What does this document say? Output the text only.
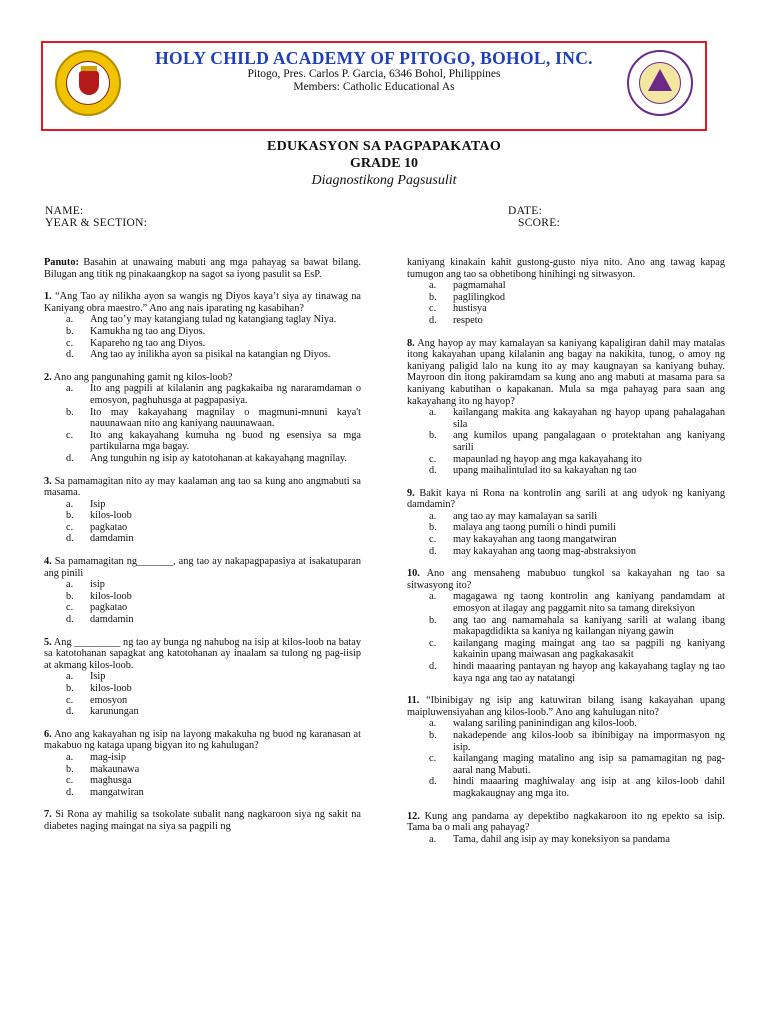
HOLY CHILD ACADEMY OF PITOGO, BOHOL, INC.
Pitogo, Pres. Carlos P. Garcia, 6346 Bohol, Philippines
Members: Catholic Educational As
EDUKASYON SA PAGPAPAKATAO
GRADE 10
Diagnostikong Pagsusulit
NAME:	DATE:
YEAR & SECTION:	SCORE:
Panuto: Basahin at unawaing mabuti ang mga pahayag sa bawat bilang. Bilugan ang titik ng pinakaangkop na sagot sa iyong pasulit sa EsP.
1. “Ang Tao ay nilikha ayon sa wangis ng Diyos kaya’t siya ay tinawag na Kaniyang obra maestro.” Ano ang nais iparating ng kasabihan?
a.	Ang tao’y may katangiang tulad ng katangiang taglay Niya.
b.	Kamukha ng tao ang Diyos.
c.	Kapareho ng tao ang Diyos.
d.	Ang tao ay inilikha ayon sa pisikal na katangian ng Diyos.
2. Ano ang pangunahing gamit ng kilos-loob?
a.	Ito ang pagpili at kilalanin ang pagkakaiba ng nararamdaman o emosyon, paghuhusga at pagpapasiya.
b.	Ito may kakayahang magnilay o magmuni-mnuni kaya't nauunawaan nito ang kaniyang nauunawaan.
c.	Ito ang kakayahang kumuha ng buod ng esensiya sa mga partikularna mga bagay.
d.	Ang tunguhin ng isip ay katotohanan at kakayahạng magnilay.
3. Sa pamamagitan nito ay may kaalaman ang tao sa kung ano angmabuti sa masama.
a.	Isip
b.	kilos-loob
c.	pagkatao
d.	damdamin
4. Sa pamamagitan ng_______, ang tao ay nakapagpapasiya at isakatuparan ang pinili
a.	isip
b.	kilos-loob
c.	pagkatao
d.	damdamin
5. Ang _________ ng tao ay bunga ng nahubog na isip at kilos-loob na batay sa katotohanan sapagkat ang katotohanan ay inaalam sa tulong ng pag-iisip at akmang kilos-loob.
a.	Isip
b.	kilos-loob
c.	emosyon
d.	karunungan
6. Ano ang kakayahan ng isip na layong makakuha ng buod ng karanasan at makabuo ng kataga upang bigyan ito ng kahulugan?
a.	mag-isip
b.	makaunawa
c.	maghusga
d.	mangatwiran
7. Si Rona ay mahilig sa tsokolate subalit nang nagkaroon siya ng sakit na diabetes naging maingat na siya sa pagpili ng
kaniyang kinakain kahit gustong-gusto niya nito. Ano ang tawag kapag tumugon ang tao sa obhetibong hinihingi ng sitwasyon.
a.	pagmamahal
b.	paglilingkod
c.	hustisya
d.	respeto
8. Ang hayop ay may kamalayan sa kaniyang kapaligiran dahil may matalas itong kakayahan upang kilalanin ang bagay na nakikita, tunog, o amoy ng kaniyang paligid lalo na kung ito ay may kaugnayan sa kaniyang buhay. Mayroon din itong pakiramdam sa kung ano ang mabuti at masama para sa kaniyang kabutihan o kapakanan. Mula sa mga pahayag para saan ang kakayahang ito ng hayop?
a.	kailangang makita ang kakayahan ng hayop upang pahalagahan sila
b.	ang kumilos upang pangalagaan o protektahan ang kaniyang sarili
c.	mapaunlad ng hayop ang mga kakayahang ito
d.	upang maihalintulad ito sa kakayahan ng tao
9. Bakit kaya ni Rona na kontrolin ang sarili at ang udyok ng kaniyang damdamin?
a.	ang tao ay may kamalayan sa sarili
b.	malaya ang taong pumili o hindi pumili
c.	may kakayahan ang taong mangatwiran
d.	may kakayahan ang taong mag-abstraksiyon
10. Ano ang mensaheng mabubuo tungkol sa kakayahan ng tao sa sitwasyong ito?
a.	magagawa ng taong kontrolin ang kaniyang pandamdam at emosyon at ilagay ang paggamit nito sa tamang direksiyon
b.	ang tao ang namamahala sa kaniyang sarili at walang ibang makapagdidikta sa kaniya ng kailangan niyang gawin
c.	kailangang maging maingat ang tao sa pagpili ng kaniyang kakainin upang maiwasan ang pagkakasakit
d.	hindi maaaring pantayan ng hayop ang kakayahang taglay ng tao kaya nga ang tao ay natatangi
11. “Ibinibigay ng isip ang katuwiran bilang isang kakayahan upang maipluwensiyahan ang kilos-loob.” Ano ang kahulugan nito?
a.	walang sariling paninindigan ang kilos-loob.
b.	nakadepende ang kilos-loob sa ibinibigay na impormasyon ng isip.
c.	kailangang maging matalino ang isip sa pamamagitan ng pag-aaral nang Mabuti.
d.	hindi maaaring maghiwalay ang isip at ang kilos-loob dahil magkakaugnay ang mga ito.
12. Kung ang pandama ay depektibo nagkakaroon ito ng epekto sa isip. Tama ba o mali ang pahayag?
a.	Tama, dahil ang isip ay may koneksiyon sa pandama
